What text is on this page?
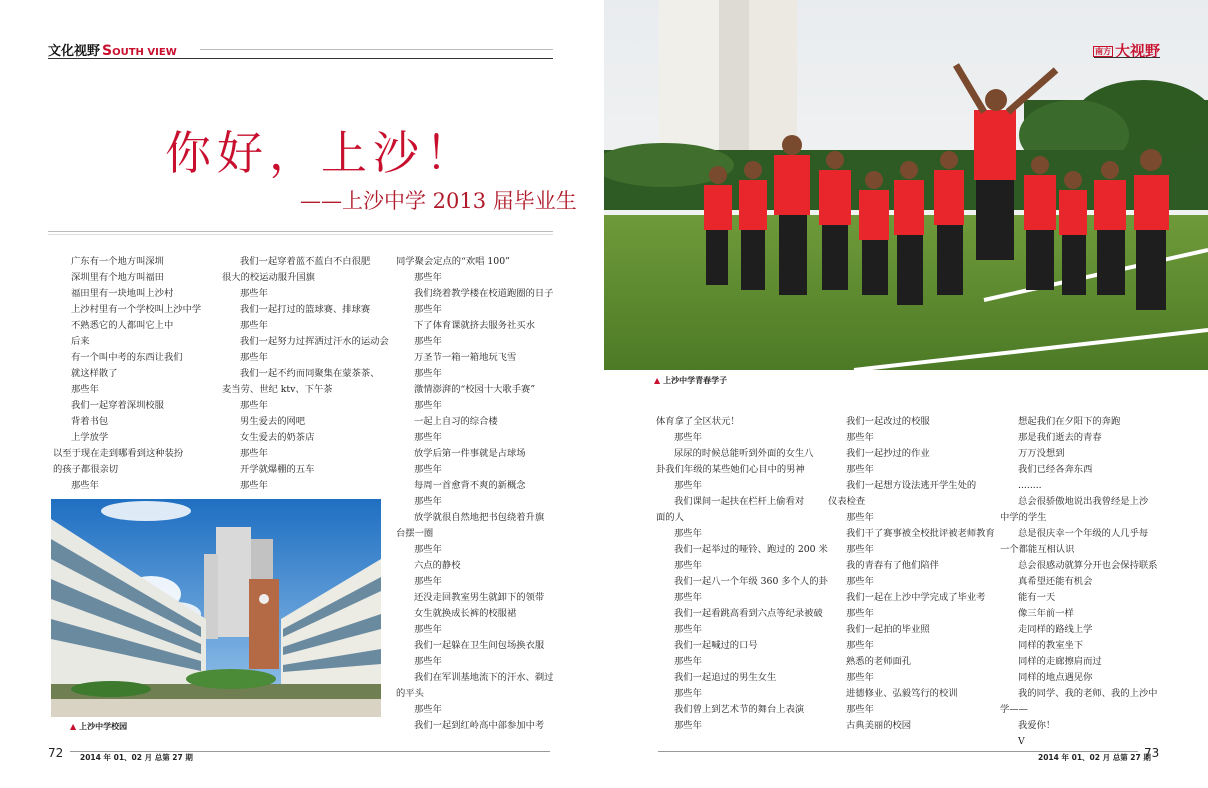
文化视野 SOUTH VIEW
你好，上沙！
——上沙中学 2013 届毕业生
广东有一个地方叫深圳
深圳里有个地方叫福田
福田里有一块地叫上沙村
上沙村里有一个学校叫上沙中学
不熟悉它的人都叫它上中
后来
有一个叫中考的东西让我们
就这样散了
那些年
我们一起穿着深圳校服
背着书包
上学放学
以至于现在走到哪看到这种装扮
的孩子都很亲切
那些年
我们一起穿着蓝不蓝白不白很肥
很大的校运动服升国旗
那些年
我们一起打过的篮球赛、排球赛
那些年
我们一起努力过挥洒过汗水的运动会
那些年
我们一起不约而同聚集在蒙茶茶、
麦当劳、世纪 ktv、下午茶
那些年
男生爱去的网吧
女生爱去的奶茶店
那些年
开学就爆棚的五车
那些年
同学聚会定点的“欢唱 100”
那些年
我们绕着教学楼在校道跑圈的日子
那些年
下了体育课就挤去服务社买水
那些年
万圣节一箱一箱地玩飞雪
那些年
激情澎湃的“校园十大歌手赛”
那些年
一起上自习的综合楼
那些年
放学后第一件事就是占球场
那些年
每周一首愈背不爽的新概念
那些年
放学就很自然地把书包绕着升旗
台摆一圈
那些年
六点的静校
那些年
还没走回教室男生就卸下的领带
女生就换成长裤的校服裙
那些年
我们一起躲在卫生间包场换衣服
那些年
我们在军训基地流下的汗水、剃过
的平头
那些年
我们一起到红岭高中部参加中考
▲ 上沙中学校园
72 2014 年 01、02 月 总第 27 期
▲ 上沙中学青春学子
南方 大视野
体育拿了全区状元！
那些年
尿尿的时候总能听到外面的女生八
卦我们年级的某些她们心目中的男神
那些年
我们课间一起扶在栏杆上偷看对
面的人
那些年
我们一起举过的哑铃、跑过的 200 米
那些年
我们一起八一个年级 360 多个人的卦
那些年
我们一起看跳高看到六点等纪录被破
那些年
我们一起喊过的口号
那些年
我们一起追过的男生女生
那些年
我们曾上到艺术节的舞台上表演
那些年
我们一起改过的校服
那些年
我们一起抄过的作业
那些年
我们一起想方设法逃开学生处的
仪表检查
那些年
我们干了赛事被全校批评被老师教育
那些年
我的青春有了他们陪伴
那些年
我们一起在上沙中学完成了毕业考
那些年
我们一起拍的毕业照
那些年
熟悉的老师面孔
那些年
进德修业、弘毅笃行的校训
那些年
古典美丽的校园
想起我们在夕阳下的奔跑
那是我们逝去的青春
万万没想到
我们已经各奔东西
........
总会很骄傲地说出我曾经是上沙
中学的学生
总是很庆幸一个年级的人几乎每
一个都能互相认识
总会很感动就算分开也会保持联系
真希望还能有机会
能有一天
像三年前一样
走同样的路线上学
同样的教室坐下
同样的走廊擦肩而过
同样的地点遇见你
我的同学、我的老师、我的上沙中
学——
我爱你！
V
2014 年 01、02 月 总第 27 期
73
